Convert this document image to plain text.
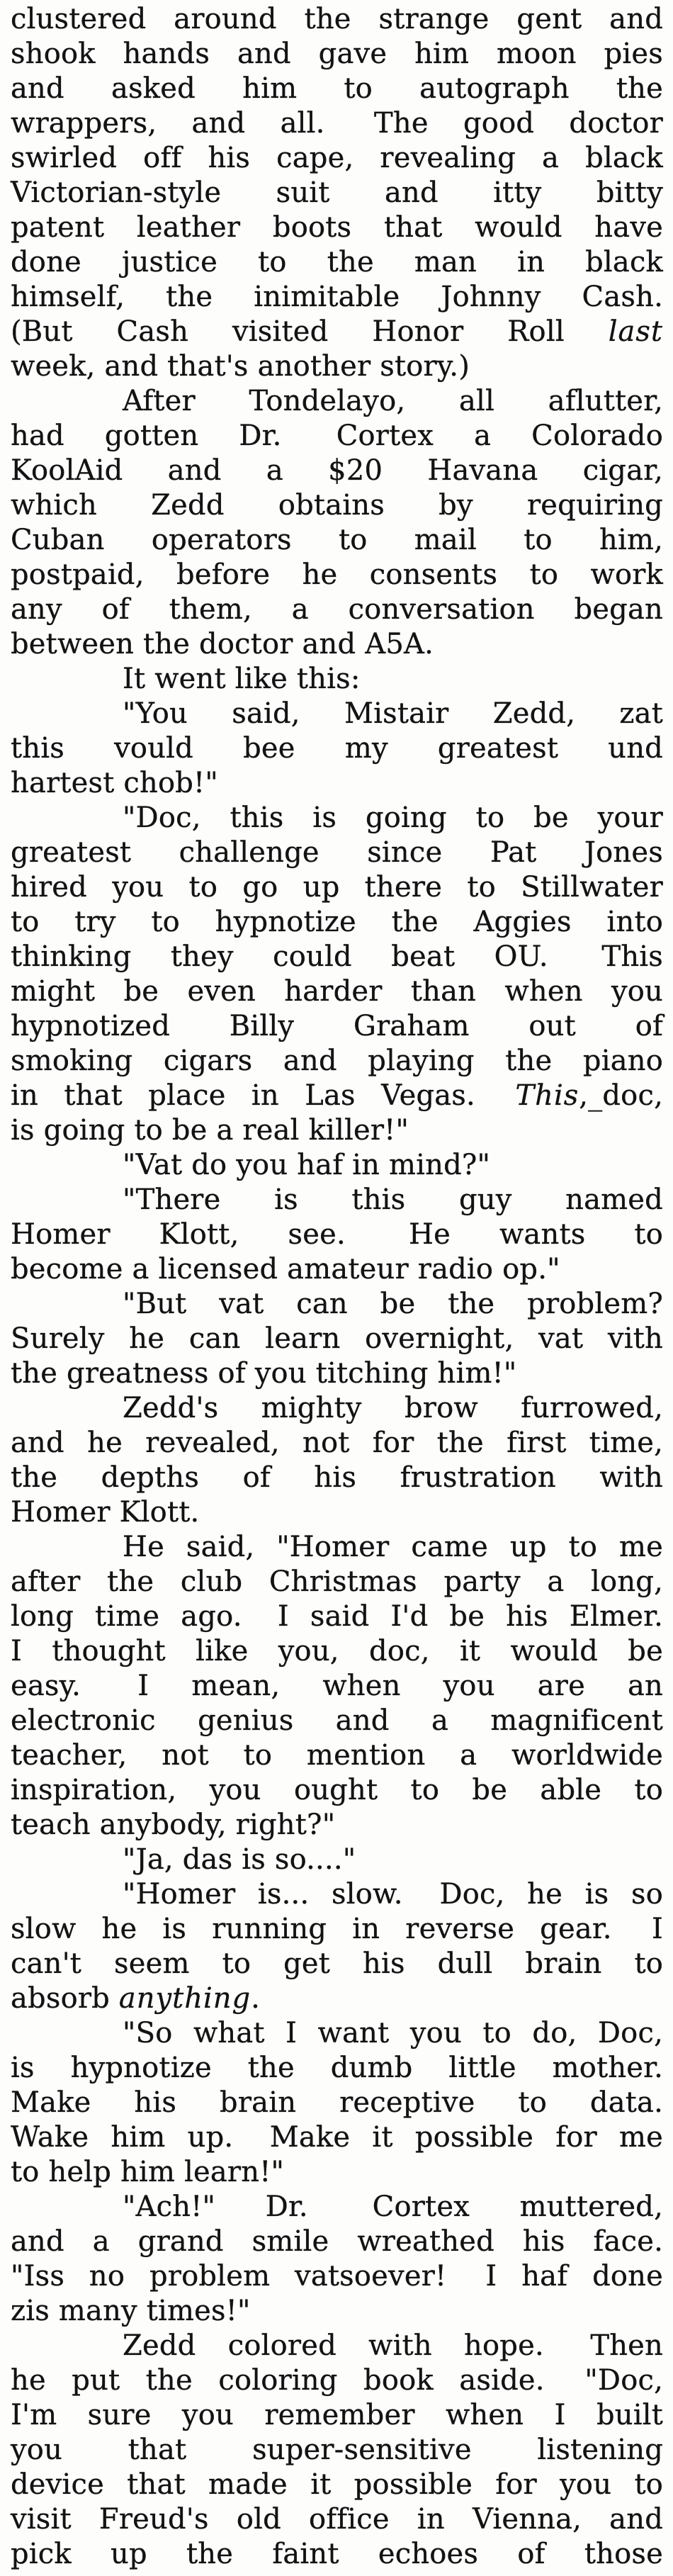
clustered around the strange gent and
shook hands and gave him moon pies
and asked him to autograph the
wrappers, and all.  The good doctor
swirled off his cape, revealing a black
Victorian-style suit and itty bitty
patent leather boots that would have
done justice to the man in black
himself, the inimitable Johnny Cash.
(But Cash visited Honor Roll last
week, and that's another story.)
After Tondelayo, all aflutter,
had gotten Dr.  Cortex a Colorado
KoolAid and a $20 Havana cigar,
which Zedd obtains by requiring
Cuban operators to mail to him,
postpaid, before he consents to work
any of them, a conversation began
between the doctor and A5A.
It went like this:
"You said, Mistair Zedd, zat
this vould bee my greatest und
hartest chob!"
"Doc, this is going to be your
greatest challenge since Pat Jones
hired you to go up there to Stillwater
to try to hypnotize the Aggies into
thinking they could beat OU.  This
might be even harder than when you
hypnotized Billy Graham out of
smoking cigars and playing the piano
in that place in Las Vegas.  This,_doc,
is going to be a real killer!"
"Vat do you haf in mind?"
"There is this guy named
Homer Klott, see.  He wants to
become a licensed amateur radio op."
"But vat can be the problem?
Surely he can learn overnight, vat vith
the greatness of you titching him!"
Zedd's mighty brow furrowed,
and he revealed, not for the first time,
the depths of his frustration with
Homer Klott.
He said, "Homer came up to me
after the club Christmas party a long,
long time ago.  I said I'd be his Elmer.
I thought like you, doc, it would be
easy.  I mean, when you are an
electronic genius and a magnificent
teacher, not to mention a worldwide
inspiration, you ought to be able to
teach anybody, right?"
"Ja, das is so...."
"Homer is... slow.  Doc, he is so
slow he is running in reverse gear.  I
can't seem to get his dull brain to
absorb anything.
"So what I want you to do, Doc,
is hypnotize the dumb little mother.
Make his brain receptive to data.
Wake him up.  Make it possible for me
to help him learn!"
"Ach!" Dr.  Cortex muttered,
and a grand smile wreathed his face.
"Iss no problem vatsoever!  I haf done
zis many times!"
Zedd colored with hope.  Then
he put the coloring book aside.  "Doc,
I'm sure you remember when I built
you that super-sensitive listening
device that made it possible for you to
visit Freud's old office in Vienna, and
pick up the faint echoes of those
